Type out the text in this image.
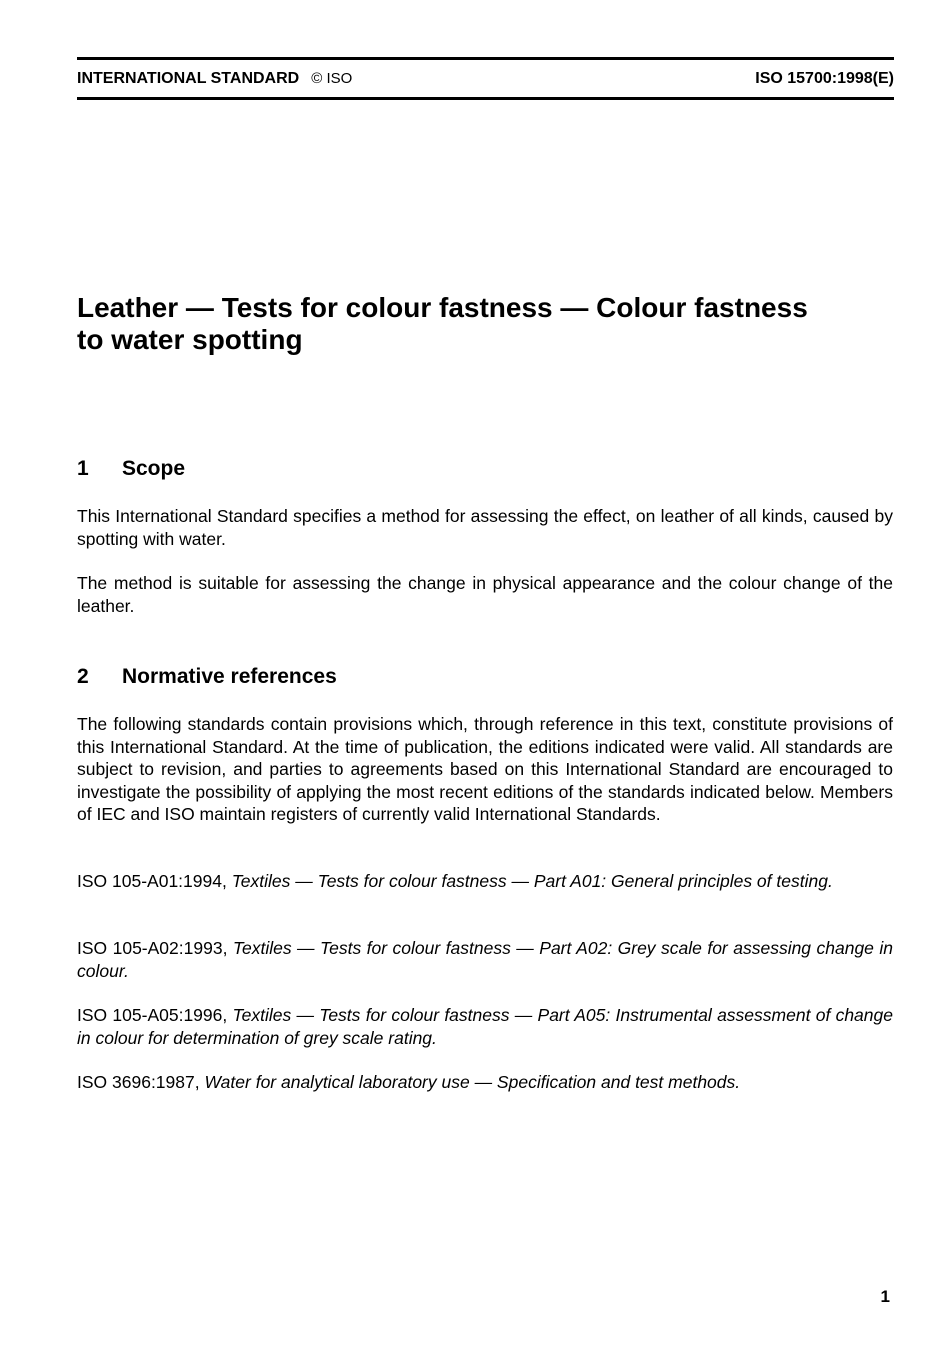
INTERNATIONAL STANDARD © ISO	ISO 15700:1998(E)
Leather — Tests for colour fastness — Colour fastness
to water spotting
1 Scope

This International Standard specifies a method for assessing the effect, on leather of all kinds, caused by spotting with water.

The method is suitable for assessing the change in physical appearance and the colour change of the leather.

2 Normative references

The following standards contain provisions which, through reference in this text, constitute provisions of this International Standard. At the time of publication, the editions indicated were valid. All standards are subject to revision, and parties to agreements based on this International Standard are encouraged to investigate the possibility of applying the most recent editions of the standards indicated below. Members of IEC and ISO maintain registers of currently valid International Standards.

ISO 105-A01:1994, Textiles — Tests for colour fastness — Part A01: General principles of testing.

ISO 105-A02:1993, Textiles — Tests for colour fastness — Part A02: Grey scale for assessing change in colour.

ISO 105-A05:1996, Textiles — Tests for colour fastness — Part A05: Instrumental assessment of change in colour for determination of grey scale rating.

ISO 3696:1987, Water for analytical laboratory use — Specification and test methods.

1
